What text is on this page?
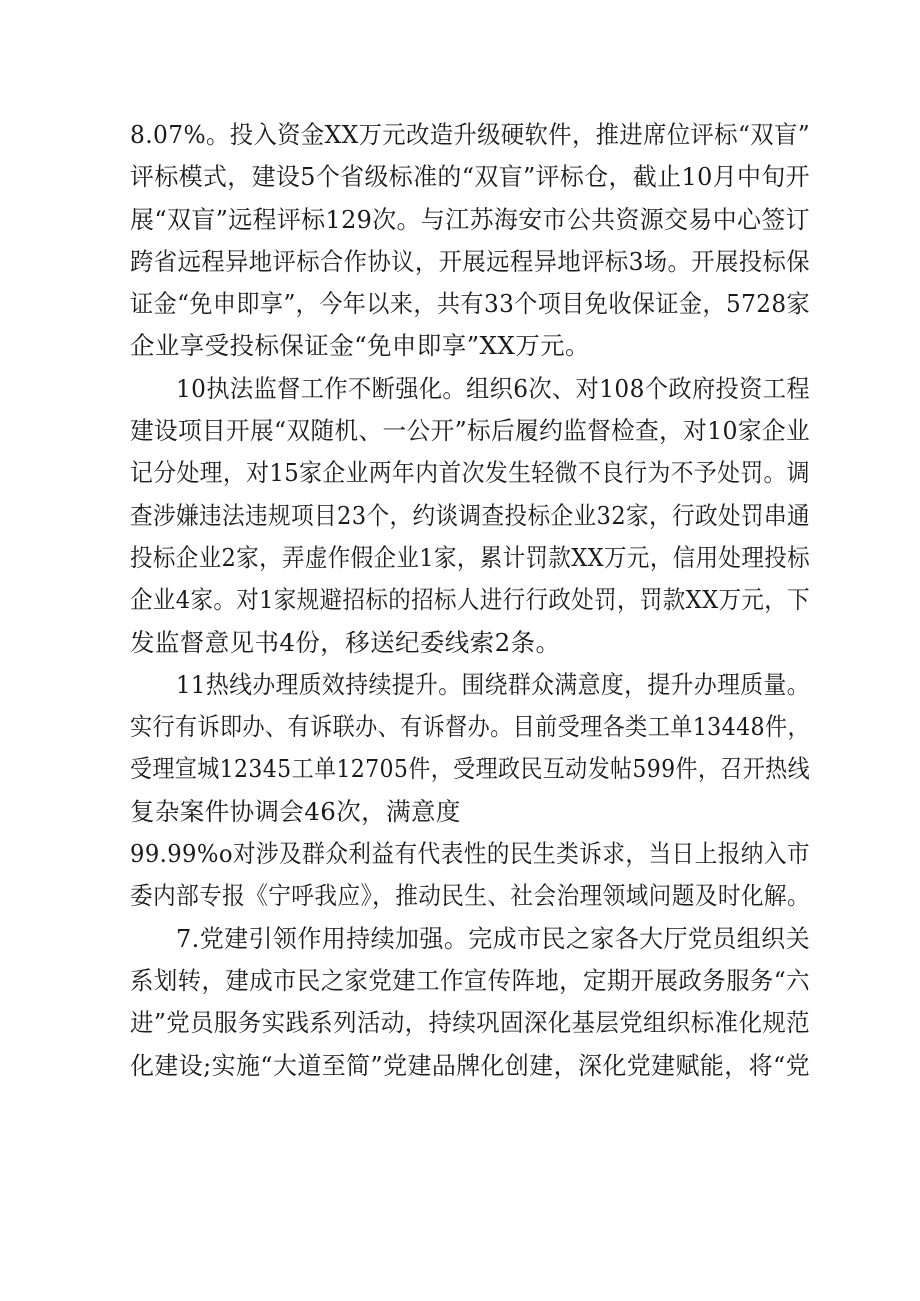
8.07%。投入资金XX万元改造升级硬软件，推进席位评标“双盲”
评标模式，建设5个省级标准的“双盲”评标仓，截止10月中旬开
展“双盲”远程评标129次。与江苏海安市公共资源交易中心签订
跨省远程异地评标合作协议，开展远程异地评标3场。开展投标保
证金“免申即享”，今年以来，共有33个项目免收保证金，5728家
企业享受投标保证金“免申即享”XX万元。
10执法监督工作不断强化。组织6次、对108个政府投资工程
建设项目开展“双随机、一公开”标后履约监督检查，对10家企业
记分处理，对15家企业两年内首次发生轻微不良行为不予处罚。调
查涉嫌违法违规项目23个，约谈调查投标企业32家，行政处罚串通
投标企业2家，弄虚作假企业1家，累计罚款XX万元，信用处理投标
企业4家。对1家规避招标的招标人进行行政处罚，罚款XX万元，下
发监督意见书4份，移送纪委线索2条。
11热线办理质效持续提升。围绕群众满意度，提升办理质量。
实行有诉即办、有诉联办、有诉督办。目前受理各类工单13448件，
受理宣城12345工单12705件，受理政民互动发帖599件，召开热线
复杂案件协调会46次，满意度
99.99%o对涉及群众利益有代表性的民生类诉求，当日上报纳入市
委内部专报《宁呼我应》，推动民生、社会治理领域问题及时化解。
7.党建引领作用持续加强。完成市民之家各大厅党员组织关
系划转，建成市民之家党建工作宣传阵地，定期开展政务服务“六
进”党员服务实践系列活动，持续巩固深化基层党组织标准化规范
化建设;实施“大道至简”党建品牌化创建，深化党建赋能，将“党
